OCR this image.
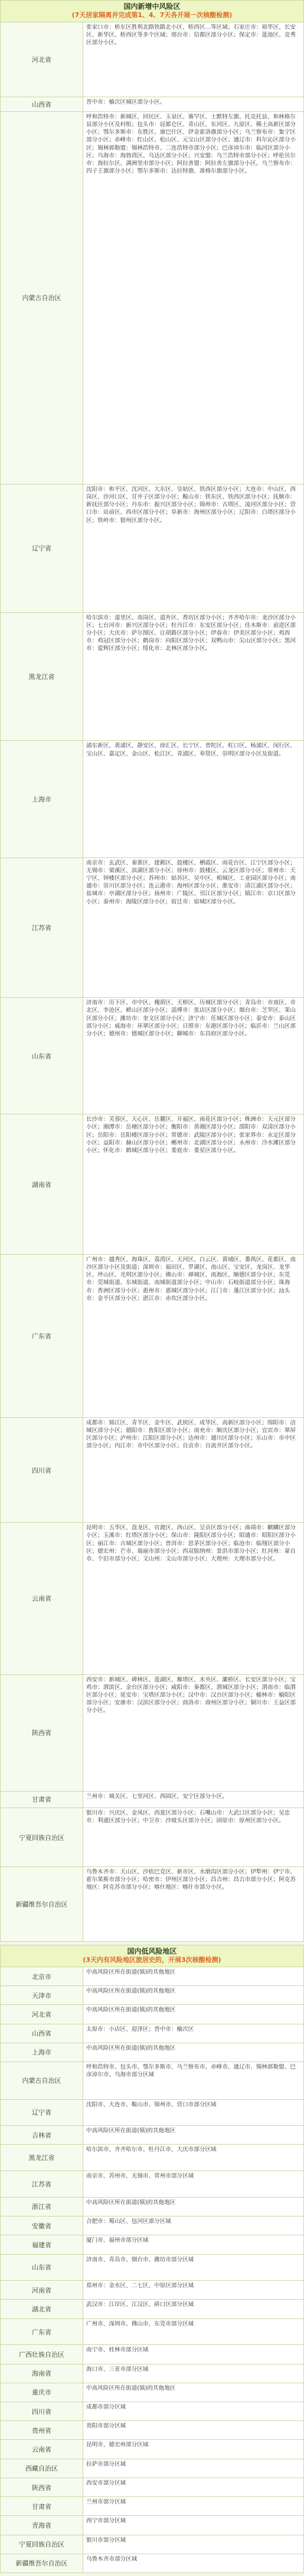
国内新增中风险区
(7天居家隔离并完成第1、4、7天各开展一次核酸检测)
河北省
张家口市：桥东区胜利北路铁路北小区、桥西区…等区域；石家庄市：裕华区、长安区、新华区、桥西区等多个区域；邢台市：信都区部分小区；保定市：莲池区、竞秀区部分小区。
山西省	晋中市：榆次区城区部分小区。
内蒙古自治区
呼和浩特市：新城区、回民区、玉泉区、赛罕区、土默特左旗、托克托县、和林格尔县部分小区及村组；包头市：昆都仑区、青山区、东河区、九原区、稀土高新区部分小区；鄂尔多斯市：东胜区、康巴什区、伊金霍洛旗部分小区；乌兰察布市：集宁区部分小区；赤峰市：红山区、松山区、元宝山区部分小区；通辽市：科尔沁区部分小区；锡林郭勒盟：锡林浩特市、二连浩特市部分小区；巴彦淖尔市：临河区部分小区；乌海市：海勃湾区、乌达区部分小区；兴安盟：乌兰浩特市部分小区；呼伦贝尔市：海拉尔区、满洲里市部分小区；阿拉善盟：阿拉善左旗部分小区。乌兰察布市：四子王旗部分小区；鄂尔多斯市：达拉特旗、准格尔旗部分小区。
辽宁省
沈阳市：和平区、沈河区、大东区、皇姑区、铁西区部分小区；大连市：中山区、西岗区、沙河口区、甘井子区部分小区；鞍山市：铁东区、铁西区部分小区；抚顺市：新抚区部分小区；丹东市：振兴区部分小区；锦州市：古塔区、凌河区部分小区；营口市：站前区、西市区部分小区；阜新市：海州区部分小区；辽阳市：白塔区部分小区；铁岭市：银州区部分小区。
黑龙江省
哈尔滨市：道里区、南岗区、道外区、香坊区部分小区；齐齐哈尔市：龙沙区部分小区；七台河市：新兴区部分小区；牡丹江市：东安区部分小区；佳木斯市：前进区部分小区；大庆市：萨尔图区、让胡路区部分小区；伊春市：伊美区部分小区；鸡西市：鸡冠区部分小区；鹤岗市：向阳区部分小区；双鸭山市：尖山区部分小区；黑河市：爱辉区部分小区；绥化市：北林区部分小区。
上海市
浦东新区、黄浦区、静安区、徐汇区、长宁区、普陀区、虹口区、杨浦区、闵行区、宝山区、嘉定区、金山区、松江区、青浦区、奉贤区、崇明区部分小区及街道。
江苏省
南京市：玄武区、秦淮区、建邺区、鼓楼区、栖霞区、雨花台区、江宁区部分小区；无锡市：梁溪区、滨湖区部分小区；徐州市：鼓楼区、云龙区部分小区；常州市：天宁区、钟楼区部分小区；苏州市：姑苏区、吴中区、相城区、工业园区部分小区；南通市：崇川区部分小区；连云港市：海州区部分小区；淮安市：清江浦区部分小区；盐城市：亭湖区部分小区；扬州市：广陵区、邗江区部分小区；镇江市：京口区部分小区；泰州市：海陵区部分小区；宿迁市：宿城区部分小区。
山东省
济南市：历下区、市中区、槐荫区、天桥区、历城区部分小区；青岛市：市南区、市北区、李沧区、崂山区部分小区；淄博市：张店区部分小区；烟台市：芝罘区、莱山区部分小区；潍坊市：奎文区部分小区；济宁市：任城区部分小区；泰安市：泰山区部分小区；威海市：环翠区部分小区；日照市：东港区部分小区；临沂市：兰山区部分小区；德州市：德城区部分小区；聊城市：东昌府区部分小区。
湖南省
长沙市：芙蓉区、天心区、岳麓区、开福区、雨花区部分小区；株洲市：天元区部分小区；湘潭市：岳塘区部分小区；衡阳市：蒸湘区部分小区；邵阳市：双清区部分小区；岳阳市：岳阳楼区部分小区；常德市：武陵区部分小区；张家界市：永定区部分小区；益阳市：赫山区部分小区；郴州市：北湖区部分小区；永州市：冷水滩区部分小区；怀化市：鹤城区部分小区；娄底市：娄星区部分小区。
广东省
广州市：越秀区、海珠区、荔湾区、天河区、白云区、黄埔区、番禺区、花都区、南沙区部分小区及街道；深圳市：福田区、罗湖区、南山区、宝安区、龙岗区、龙华区、坪山区、光明区部分小区；佛山市：禅城区、南海区、顺德区部分小区；东莞市：莞城街道、东城街道、南城街道部分小区；中山市：石岐街道部分小区；珠海市：香洲区部分小区；惠州市：惠城区部分小区；江门市：蓬江区部分小区；汕头市：金平区部分小区；湛江市：赤坎区部分小区。
四川省
成都市：锦江区、青羊区、金牛区、武侯区、成华区、高新区部分小区；绵阳市：涪城区部分小区；德阳市：旌阳区部分小区；南充市：顺庆区部分小区；宜宾市：翠屏区部分小区；泸州市：江阳区部分小区；达州市：通川区部分小区；乐山市：市中区部分小区；内江市：市中区部分小区；自贡市：自流井区部分小区。
云南省
昆明市：五华区、盘龙区、官渡区、西山区、呈贡区部分小区；曲靖市：麒麟区部分小区；玉溪市：红塔区部分小区；保山市：隆阳区部分小区；昭通市：昭阳区部分小区；丽江市：古城区部分小区；普洱市：思茅区部分小区；临沧市：临翔区部分小区；德宏州：芒市、瑞丽市部分小区；西双版纳州：景洪市部分小区；红河州：蒙自市、个旧市部分小区；文山州：文山市部分小区；大理州：大理市部分小区。
陕西省
西安市：新城区、碑林区、莲湖区、雁塔区、未央区、灞桥区、长安区部分小区；宝鸡市：渭滨区、金台区部分小区；咸阳市：秦都区、渭城区部分小区；渭南市：临渭区部分小区；延安市：宝塔区部分小区；汉中市：汉台区部分小区；榆林市：榆阳区部分小区；安康市：汉滨区部分小区；商洛市：商州区部分小区；铜川市：王益区部分小区。
甘肃省	兰州市：城关区、七里河区、西固区、安宁区部分小区。
宁夏回族自治区
银川市：兴庆区、金凤区、西夏区部分小区；石嘴山市：大武口区部分小区；吴忠市：利通区部分小区；中卫市：沙坡头区部分小区；固原市：原州区部分小区。
新疆维吾尔自治区
乌鲁木齐市：天山区、沙依巴克区、新市区、水磨沟区部分小区；伊犁州：伊宁市、霍尔果斯市部分小区；哈密市：伊州区部分小区；昌吉州：昌吉市部分小区；阿克苏地区：阿克苏市部分小区；喀什地区：喀什市部分小区。
国内低风险地区
(3天内有风险地区旅居史的，开展3次核酸检测)
北京市
中高风险区所在街道(镇)的其他地区
天津市
中高风险区所在街道(镇)的其他地区
河北省
中高风险区所在街道(镇)的其他地区
山西省
太原市：小店区、迎泽区；晋中市：榆次区
上海市
中高风险区所在街道(镇)的其他地区
内蒙古自治区
呼和浩特市、包头市、鄂尔多斯市、乌兰察布市、赤峰市、通辽市、锡林郭勒盟、巴彦淖尔市、乌海市部分区域
辽宁省
沈阳市、大连市、鞍山市、锦州市、营口市部分区域
吉林省
中高风险区所在街道(镇)的其他地区
黑龙江省
哈尔滨市、齐齐哈尔市、牡丹江市、大庆市部分区域
江苏省
南京市、苏州市、无锡市、常州市部分区域
浙江省
中高风险区所在街道(镇)的其他地区
安徽省
合肥市：蜀山区、包河区部分区域
福建省
厦门市、福州市部分区域
山东省
济南市、青岛市、烟台市、潍坊市部分区域
河南省
郑州市：金水区、二七区、中原区部分区域
湖北省
武汉市：江岸区、江汉区、硚口区部分区域
广东省
广州市、深圳市、佛山市、东莞市部分区域
广西壮族自治区
南宁市、桂林市部分区域
海南省
海口市、三亚市部分区域
重庆市
中高风险区所在街道(镇)的其他地区
四川省
成都市部分区域
贵州省
贵阳市部分区域
云南省
昆明市、德宏州部分区域
西藏自治区
拉萨市部分区域
陕西省
西安市部分区域
甘肃省
兰州市部分区域
青海省
西宁市部分区域
宁夏回族自治区
银川市部分区域
新疆维吾尔自治区
乌鲁木齐市部分区域
